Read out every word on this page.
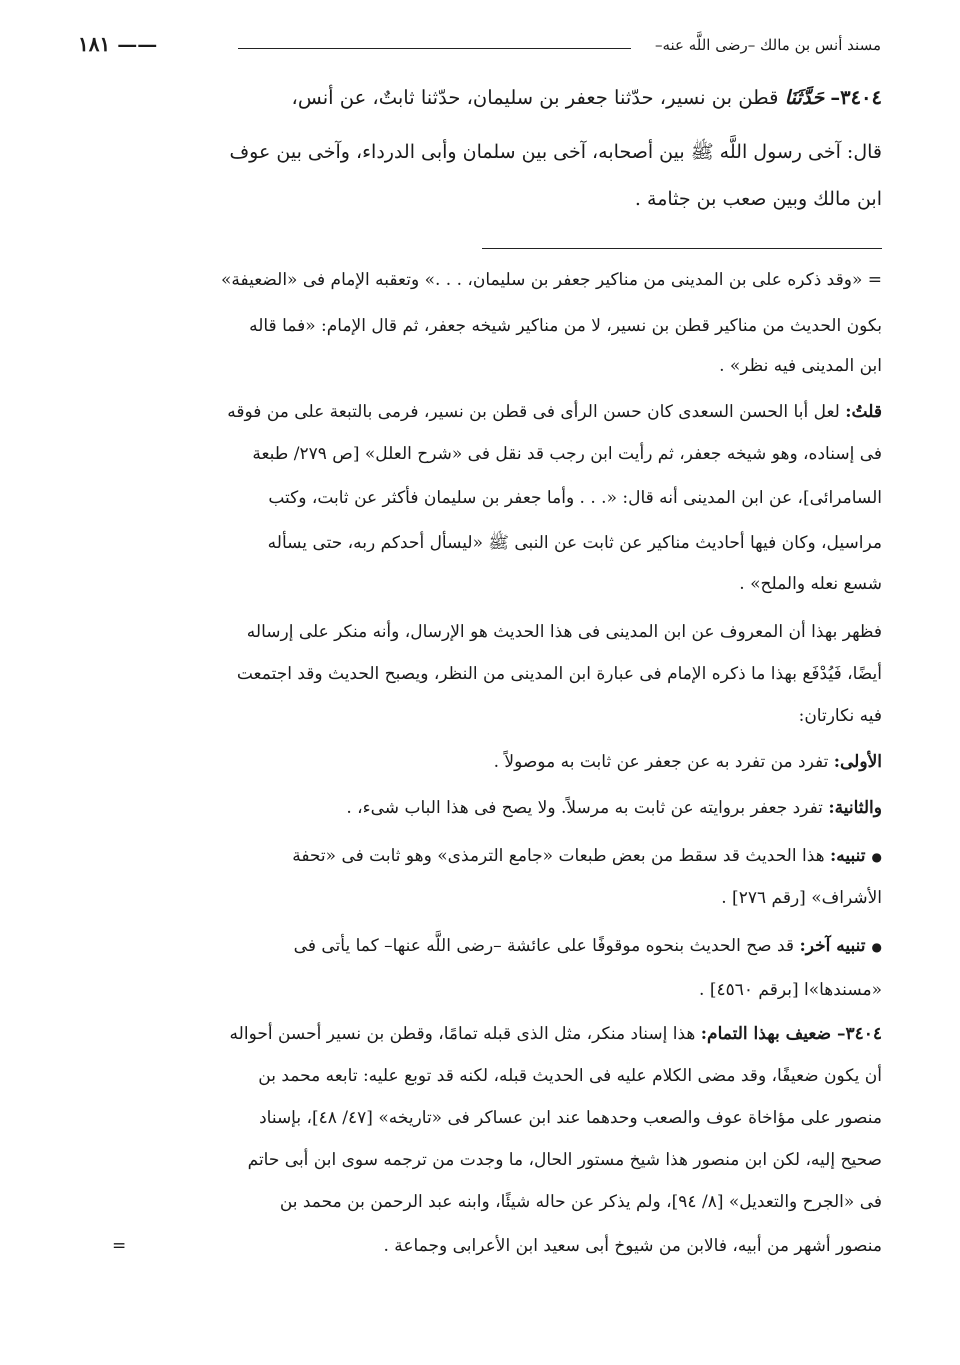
مسند أنس بن مالك –رضى اللَّه عنه–
—— ١٨١
٣٤٠٤– حَدَّثَنَا قطن بن نسير، حدّثنا جعفر بن سليمان، حدّثنا ثابتٌ، عن أنس،
قال: آخى رسول اللَّه ﷺ بين أصحابه، آخى بين سلمان وأبى الدرداء، وآخى بين عوف
ابن مالك وبين صعب بن جثامة .
= «وقد ذكره على بن المدينى من مناكير جعفر بن سليمان، . . .» وتعقبه الإمام فى «الضعيفة»
بكون الحديث من مناكير قطن بن نسير، لا من مناكير شيخه جعفر، ثم قال الإمام: «فما قاله
ابن المدينى فيه نظر» .
قلتُ: لعل أبا الحسن السعدى كان حسن الرأى فى قطن بن نسير، فرمى بالتبعة على من فوقه
فى إسناده، وهو شيخه جعفر، ثم رأيت ابن رجب قد نقل فى «شرح العلل» [ص ٢٧٩/ طبعة
السامرائى]، عن ابن المدينى أنه قال: «. . . وأما جعفر بن سليمان فأكثر عن ثابت، وكتب
مراسيل، وكان فيها أحاديث مناكير عن ثابت عن النبى ﷺ «ليسأل أحدكم ربه، حتى يسأله
شسع نعله والملح» .
فظهر بهذا أن المعروف عن ابن المدينى فى هذا الحديث هو الإرسال، وأنه منكر على إرساله
أيضًا، فَيُدْفَع بهذا ما ذكره الإمام فى عبارة ابن المدينى من النظر، ويصبح الحديث وقد اجتمعت
فيه نكارتان:
الأولى: تفرد من تفرد به عن جعفر عن ثابت به موصولاً .
والثانية: تفرد جعفر بروايته عن ثابت به مرسلاً. ولا يصح فى هذا الباب شىء، .
●تنبيه: هذا الحديث قد سقط من بعض طبعات «جامع الترمذى» وهو ثابت فى «تحفة
الأشراف» [رقم ٢٧٦] .
●تنبيه آخر: قد صح الحديث بنحوه موقوفًا على عائشة –رضى اللَّه عنها– كما يأتى فى
«مسندها»ا [برقم ٤٥٦٠] .
٣٤٠٤– ضعيف بهذا التمام: هذا إسناد منكر، مثل الذى قبله تمامًا، وقطن بن نسير أحسن أحواله
أن يكون ضعيفًا، وقد مضى الكلام عليه فى الحديث قبله، لكنه قد توبع عليه: تابعه محمد بن
منصور على مؤاخاة عوف والصعب وحدهما عند ابن عساكر فى «تاريخه» [٤٧/ ٤٨]، بإسناد
صحيح إليه، لكن ابن منصور هذا شيخ مستور الحال، ما وجدت من ترجمه سوى ابن أبى حاتم
فى «الجرح والتعديل» [٨/ ٩٤]، ولم يذكر عن حاله شيئًا، وابنه عبد الرحمن بن محمد بن
منصور أشهر من أبيه، فالابن من شيوخ أبى سعيد ابن الأعرابى وجماعة .
=
